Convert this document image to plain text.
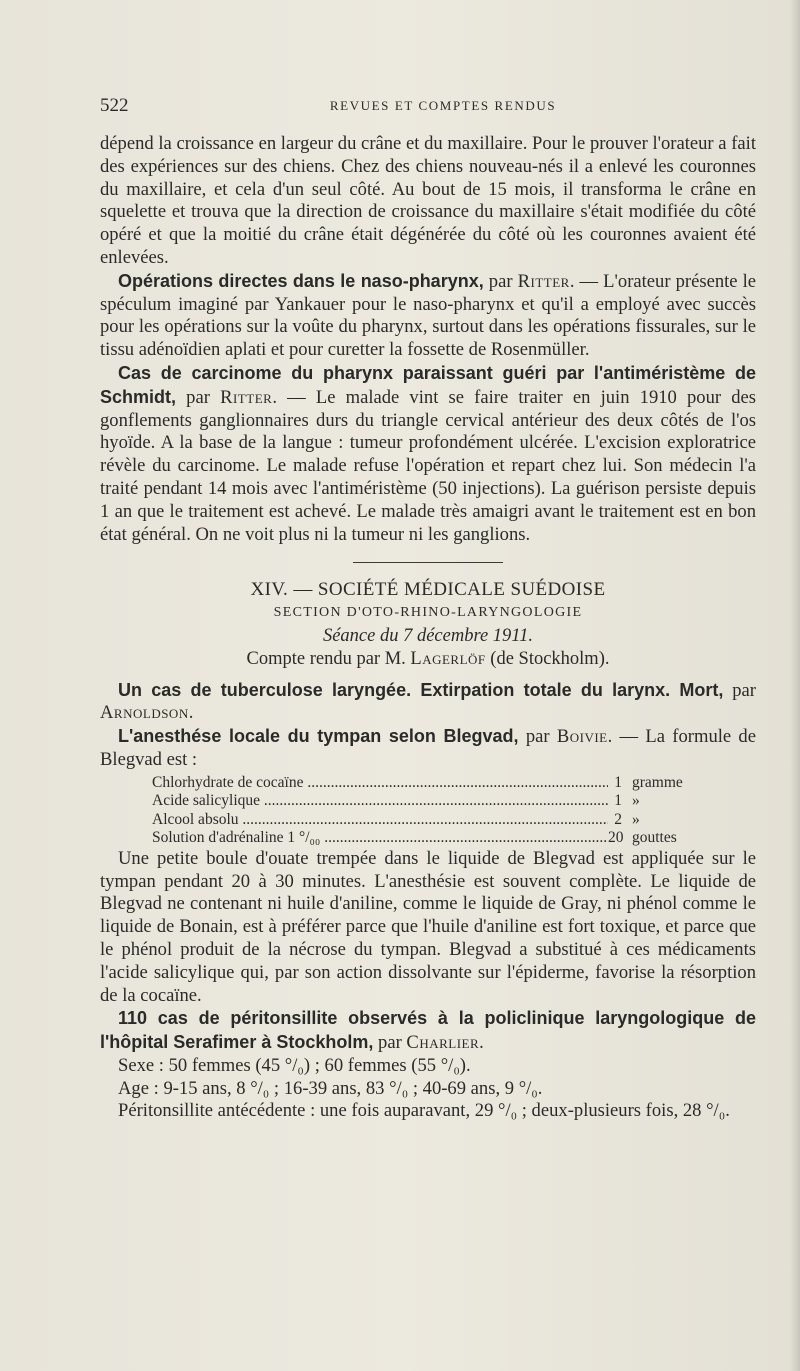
522	REVUES ET COMPTES RENDUS

dépend la croissance en largeur du crâne et du maxillaire. Pour le prouver l'orateur a fait des expériences sur des chiens. Chez des chiens nouveau-nés il a enlevé les couronnes du maxillaire, et cela d'un seul côté. Au bout de 15 mois, il transforma le crâne en squelette et trouva que la direction de croissance du maxillaire s'était modifiée du côté opéré et que la moitié du crâne était dégénérée du côté où les couronnes avaient été enlevées.

Opérations directes dans le naso-pharynx, par Ritter. — L'orateur présente le spéculum imaginé par Yankauer pour le naso-pharynx et qu'il a employé avec succès pour les opérations sur la voûte du pharynx, surtout dans les opérations fissurales, sur le tissu adénoïdien aplati et pour curetter la fossette de Rosenmüller.

Cas de carcinome du pharynx paraissant guéri par l'antiméristème de Schmidt, par Ritter. — Le malade vint se faire traiter en juin 1910 pour des gonflements ganglionnaires durs du triangle cervical antérieur des deux côtés de l'os hyoïde. A la base de la langue : tumeur profondément ulcérée. L'excision exploratrice révèle du carcinome. Le malade refuse l'opération et repart chez lui. Son médecin l'a traité pendant 14 mois avec l'antiméristème (50 injections). La guérison persiste depuis 1 an que le traitement est achevé. Le malade très amaigri avant le traitement est en bon état général. On ne voit plus ni la tumeur ni les ganglions.

XIV. — SOCIÉTÉ MÉDICALE SUÉDOISE
SECTION D'OTO-RHINO-LARYNGOLOGIE
Séance du 7 décembre 1911.
Compte rendu par M. Lagerlöf (de Stockholm).

Un cas de tuberculose laryngée. Extirpation totale du larynx. Mort, par Arnoldson.

L'anesthése locale du tympan selon Blegvad, par Boivie. — La formule de Blegvad est :

Chlorhydrate de cocaïne .....	1 gramme
Acide salicylique .....	1 »
Alcool absolu .....	2 »
Solution d'adrénaline 1 °/₀₀ .....	20 gouttes

Une petite boule d'ouate trempée dans le liquide de Blegvad est appliquée sur le tympan pendant 20 à 30 minutes. L'anesthésie est souvent complète. Le liquide de Blegvad ne contenant ni huile d'aniline, comme le liquide de Gray, ni phénol comme le liquide de Bonain, est à préférer parce que l'huile d'aniline est fort toxique, et parce que le phénol produit de la nécrose du tympan. Blegvad a substitué à ces médicaments l'acide salicylique qui, par son action dissolvante sur l'épiderme, favorise la résorption de la cocaïne.

110 cas de péritonsillite observés à la policlinique laryngologique de l'hôpital Serafimer à Stockholm, par Charlier.

Sexe : 50 femmes (45 °/₀) ; 60 femmes (55 °/₀).

Age : 9-15 ans, 8 °/₀ ; 16-39 ans, 83 °/₀ ; 40-69 ans, 9 °/₀.

Péritonsillite antécédente : une fois auparavant, 29 °/₀ ; deux-plusieurs fois, 28 °/₀.
